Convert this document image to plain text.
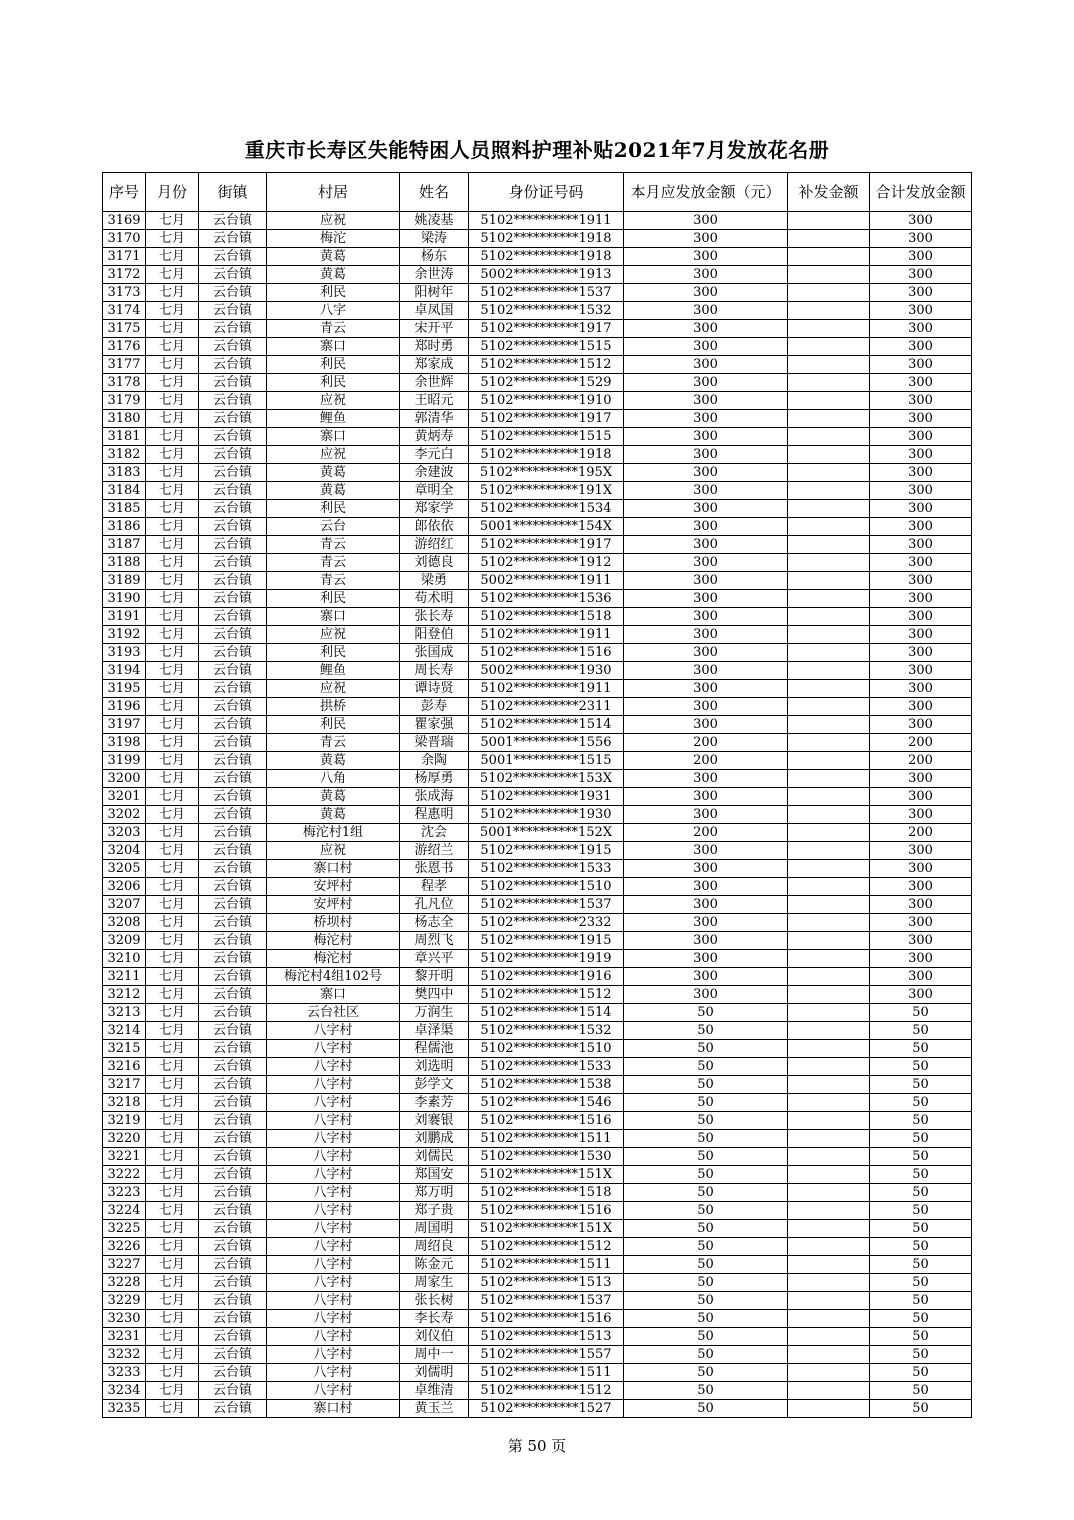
重庆市长寿区失能特困人员照料护理补贴2021年7月发放花名册
序号	月份	街镇	村居	姓名	身份证号码	本月应发放金额（元）	补发金额	合计发放金额
3169	七月	云台镇	应祝	姚凌基	5102**********1911	300		300
3170	七月	云台镇	梅沱	梁涛	5102**********1918	300		300
3171	七月	云台镇	黄葛	杨东	5102**********1918	300		300
3172	七月	云台镇	黄葛	余世涛	5002**********1913	300		300
3173	七月	云台镇	利民	阳树年	5102**********1537	300		300
3174	七月	云台镇	八字	卓凤国	5102**********1532	300		300
3175	七月	云台镇	青云	宋开平	5102**********1917	300		300
3176	七月	云台镇	寨口	郑时勇	5102**********1515	300		300
3177	七月	云台镇	利民	郑家成	5102**********1512	300		300
3178	七月	云台镇	利民	余世辉	5102**********1529	300		300
3179	七月	云台镇	应祝	王昭元	5102**********1910	300		300
3180	七月	云台镇	鲤鱼	郭清华	5102**********1917	300		300
3181	七月	云台镇	寨口	黄炳寿	5102**********1515	300		300
3182	七月	云台镇	应祝	李元白	5102**********1918	300		300
3183	七月	云台镇	黄葛	余建波	5102**********195X	300		300
3184	七月	云台镇	黄葛	章明全	5102**********191X	300		300
3185	七月	云台镇	利民	郑家学	5102**********1534	300		300
3186	七月	云台镇	云台	郎依依	5001**********154X	300		300
3187	七月	云台镇	青云	游绍红	5102**********1917	300		300
3188	七月	云台镇	青云	刘德良	5102**********1912	300		300
3189	七月	云台镇	青云	梁勇	5002**********1911	300		300
3190	七月	云台镇	利民	苟术明	5102**********1536	300		300
3191	七月	云台镇	寨口	张长寿	5102**********1518	300		300
3192	七月	云台镇	应祝	阳登伯	5102**********1911	300		300
3193	七月	云台镇	利民	张国成	5102**********1516	300		300
3194	七月	云台镇	鲤鱼	周长寿	5002**********1930	300		300
3195	七月	云台镇	应祝	谭诗贤	5102**********1911	300		300
3196	七月	云台镇	拱桥	彭寿	5102**********2311	300		300
3197	七月	云台镇	利民	瞿家强	5102**********1514	300		300
3198	七月	云台镇	青云	梁晋瑞	5001**********1556	200		200
3199	七月	云台镇	黄葛	余陶	5001**********1515	200		200
3200	七月	云台镇	八角	杨厚勇	5102**********153X	300		300
3201	七月	云台镇	黄葛	张成海	5102**********1931	300		300
3202	七月	云台镇	黄葛	程惠明	5102**********1930	300		300
3203	七月	云台镇	梅沱村1组	沈会	5001**********152X	200		200
3204	七月	云台镇	应祝	游绍兰	5102**********1915	300		300
3205	七月	云台镇	寨口村	张恩书	5102**********1533	300		300
3206	七月	云台镇	安坪村	程孝	5102**********1510	300		300
3207	七月	云台镇	安坪村	孔凡位	5102**********1537	300		300
3208	七月	云台镇	桥坝村	杨志全	5102**********2332	300		300
3209	七月	云台镇	梅沱村	周烈飞	5102**********1915	300		300
3210	七月	云台镇	梅沱村	章兴平	5102**********1919	300		300
3211	七月	云台镇	梅沱村4组102号	黎开明	5102**********1916	300		300
3212	七月	云台镇	寨口	樊四中	5102**********1512	300		300
3213	七月	云台镇	云台社区	万润生	5102**********1514	50		50
3214	七月	云台镇	八字村	卓泽渠	5102**********1532	50		50
3215	七月	云台镇	八字村	程儒池	5102**********1510	50		50
3216	七月	云台镇	八字村	刘选明	5102**********1533	50		50
3217	七月	云台镇	八字村	彭学文	5102**********1538	50		50
3218	七月	云台镇	八字村	李素芳	5102**********1546	50		50
3219	七月	云台镇	八字村	刘褰银	5102**********1516	50		50
3220	七月	云台镇	八字村	刘鹏成	5102**********1511	50		50
3221	七月	云台镇	八字村	刘儒民	5102**********1530	50		50
3222	七月	云台镇	八字村	郑国安	5102**********151X	50		50
3223	七月	云台镇	八字村	郑万明	5102**********1518	50		50
3224	七月	云台镇	八字村	郑子贵	5102**********1516	50		50
3225	七月	云台镇	八字村	周国明	5102**********151X	50		50
3226	七月	云台镇	八字村	周绍良	5102**********1512	50		50
3227	七月	云台镇	八字村	陈金元	5102**********1511	50		50
3228	七月	云台镇	八字村	周家生	5102**********1513	50		50
3229	七月	云台镇	八字村	张长树	5102**********1537	50		50
3230	七月	云台镇	八字村	李长寿	5102**********1516	50		50
3231	七月	云台镇	八字村	刘仪伯	5102**********1513	50		50
3232	七月	云台镇	八字村	周中一	5102**********1557	50		50
3233	七月	云台镇	八字村	刘儒明	5102**********1511	50		50
3234	七月	云台镇	八字村	卓维清	5102**********1512	50		50
3235	七月	云台镇	寨口村	黄玉兰	5102**********1527	50		50
第 50 页
